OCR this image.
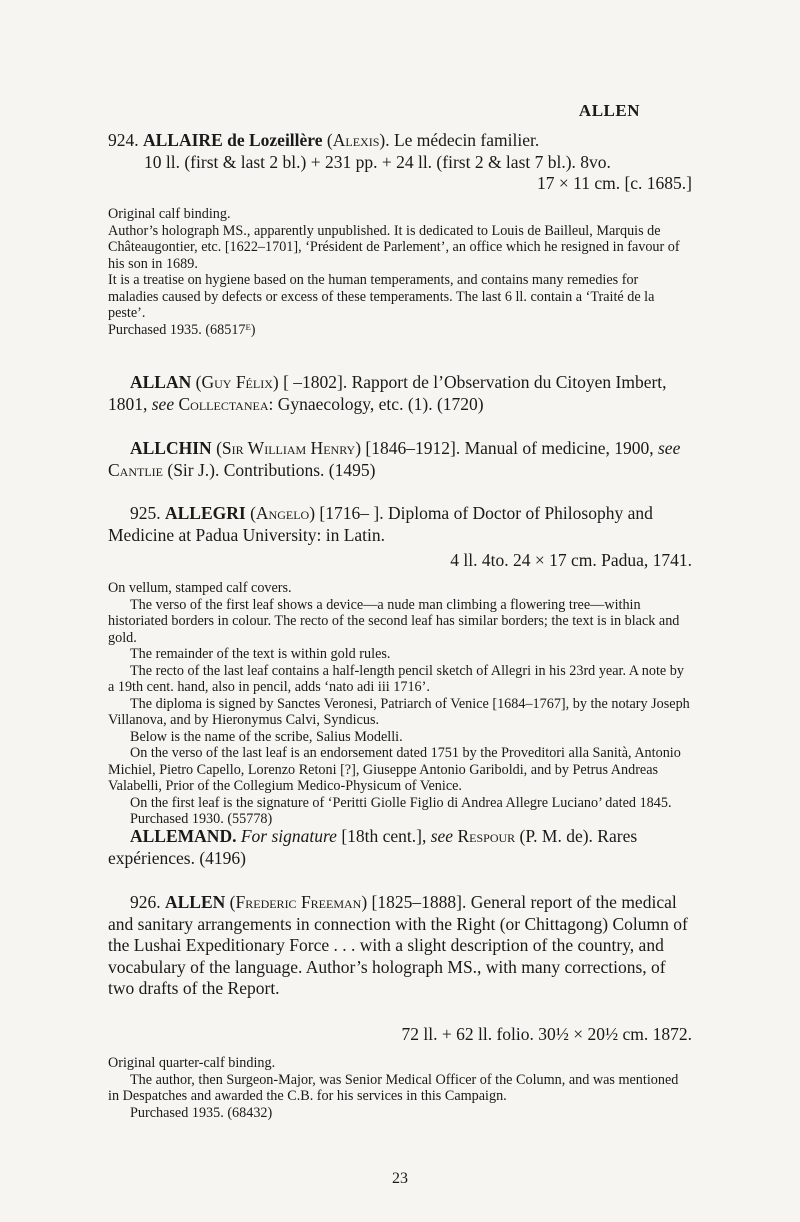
ALLEN

924. ALLAIRE de Lozeillère (Alexis). Le médecin familier.

10 ll. (first & last 2 bl.) + 231 pp. + 24 ll. (first 2 & last 7 bl.). 8vo.

17 × 11 cm. [c. 1685.]

Original calf binding.

Author’s holograph MS., apparently unpublished. It is dedicated to Louis de Bailleul, Marquis de Châteaugontier, etc. [1622–1701], ‘Président de Parlement’, an office which he resigned in favour of his son in 1689.

It is a treatise on hygiene based on the human temperaments, and contains many remedies for maladies caused by defects or excess of these temperaments. The last 6 ll. contain a ‘Traité de la peste’.

Purchased 1935. (68517ᴱ)

ALLAN (Guy Félix) [ –1802]. Rapport de l’Observation du Citoyen Imbert, 1801, see Collectanea: Gynaecology, etc. (1). (1720)
ALLCHIN (Sir William Henry) [1846–1912]. Manual of medicine, 1900, see Cantlie (Sir J.). Contributions. (1495)
925. ALLEGRI (Angelo) [1716– ]. Diploma of Doctor of Philosophy and Medicine at Padua University: in Latin.
4 ll. 4to. 24 × 17 cm. Padua, 1741.

On vellum, stamped calf covers.

The verso of the first leaf shows a device—a nude man climbing a flowering tree—within historiated borders in colour. The recto of the second leaf has similar borders; the text is in black and gold.

The remainder of the text is within gold rules.

The recto of the last leaf contains a half-length pencil sketch of Allegri in his 23rd year. A note by a 19th cent. hand, also in pencil, adds ‘nato adi iii 1716’.

The diploma is signed by Sanctes Veronesi, Patriarch of Venice [1684–1767], by the notary Joseph Villanova, and by Hieronymus Calvi, Syndicus.

Below is the name of the scribe, Salius Modelli.

On the verso of the last leaf is an endorsement dated 1751 by the Proveditori alla Sanità, Antonio Michiel, Pietro Capello, Lorenzo Retoni [?], Giuseppe Antonio Gariboldi, and by Petrus Andreas Valabelli, Prior of the Collegium Medico-Physicum of Venice.

On the first leaf is the signature of ‘Peritti Giolle Figlio di Andrea Allegre Luciano’ dated 1845.

Purchased 1930. (55778)

ALLEMAND. For signature [18th cent.], see Respour (P. M. de). Rares expériences. (4196)
926. ALLEN (Frederic Freeman) [1825–1888]. General report of the medical and sanitary arrangements in connection with the Right (or Chittagong) Column of the Lushai Expeditionary Force . . . with a slight description of the country, and vocabulary of the language. Author’s holograph MS., with many corrections, of two drafts of the Report.
72 ll. + 62 ll. folio. 30½ × 20½ cm. 1872.

Original quarter-calf binding.

The author, then Surgeon-Major, was Senior Medical Officer of the Column, and was mentioned in Despatches and awarded the C.B. for his services in this Campaign.

Purchased 1935. (68432)

23
